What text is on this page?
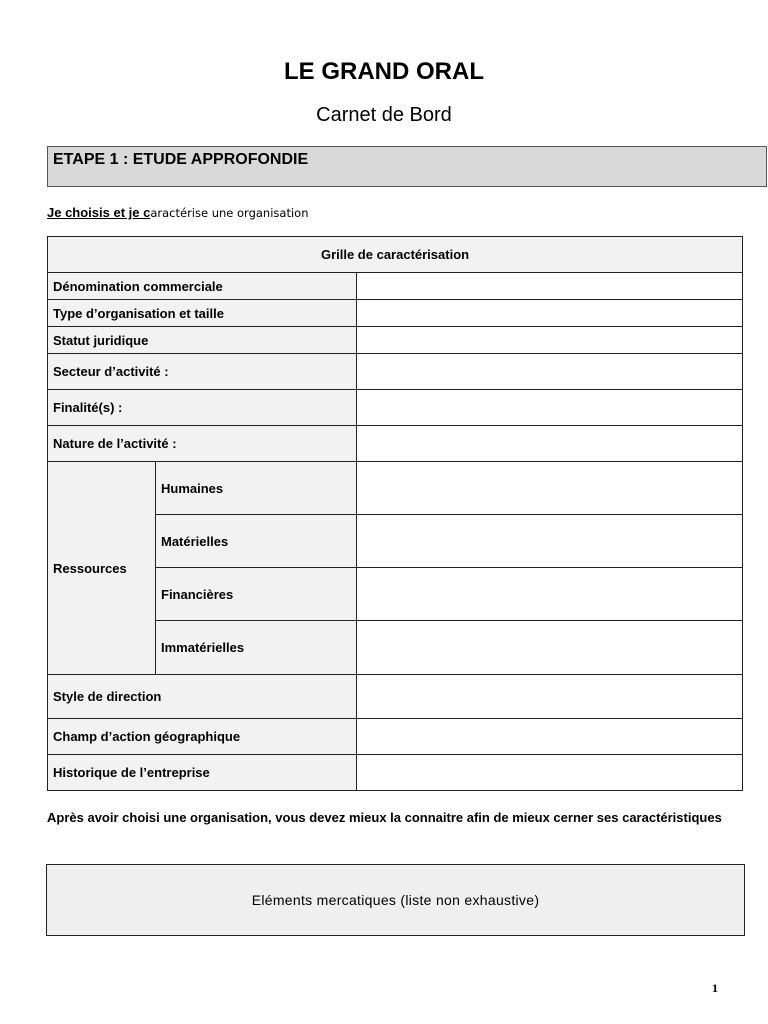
LE GRAND ORAL
Carnet de Bord
ETAPE 1 : ETUDE APPROFONDIE
Je choisis et je caractérise une organisation
Grille de caractérisation		
Dénomination commerciale		
Type d’organisation et taille		
Statut juridique		
Secteur d’activité :		
Finalité(s) :		
Nature de l’activité :		
Ressources	Humaines	
	Matérielles	
	Financières	
	Immatérielles	
Style de direction		
Champ d’action géographique		
Historique de l’entreprise		
Après avoir choisi une organisation, vous devez mieux la connaitre afin de mieux cerner ses caractéristiques
Eléments mercatiques (liste non exhaustive)
1
